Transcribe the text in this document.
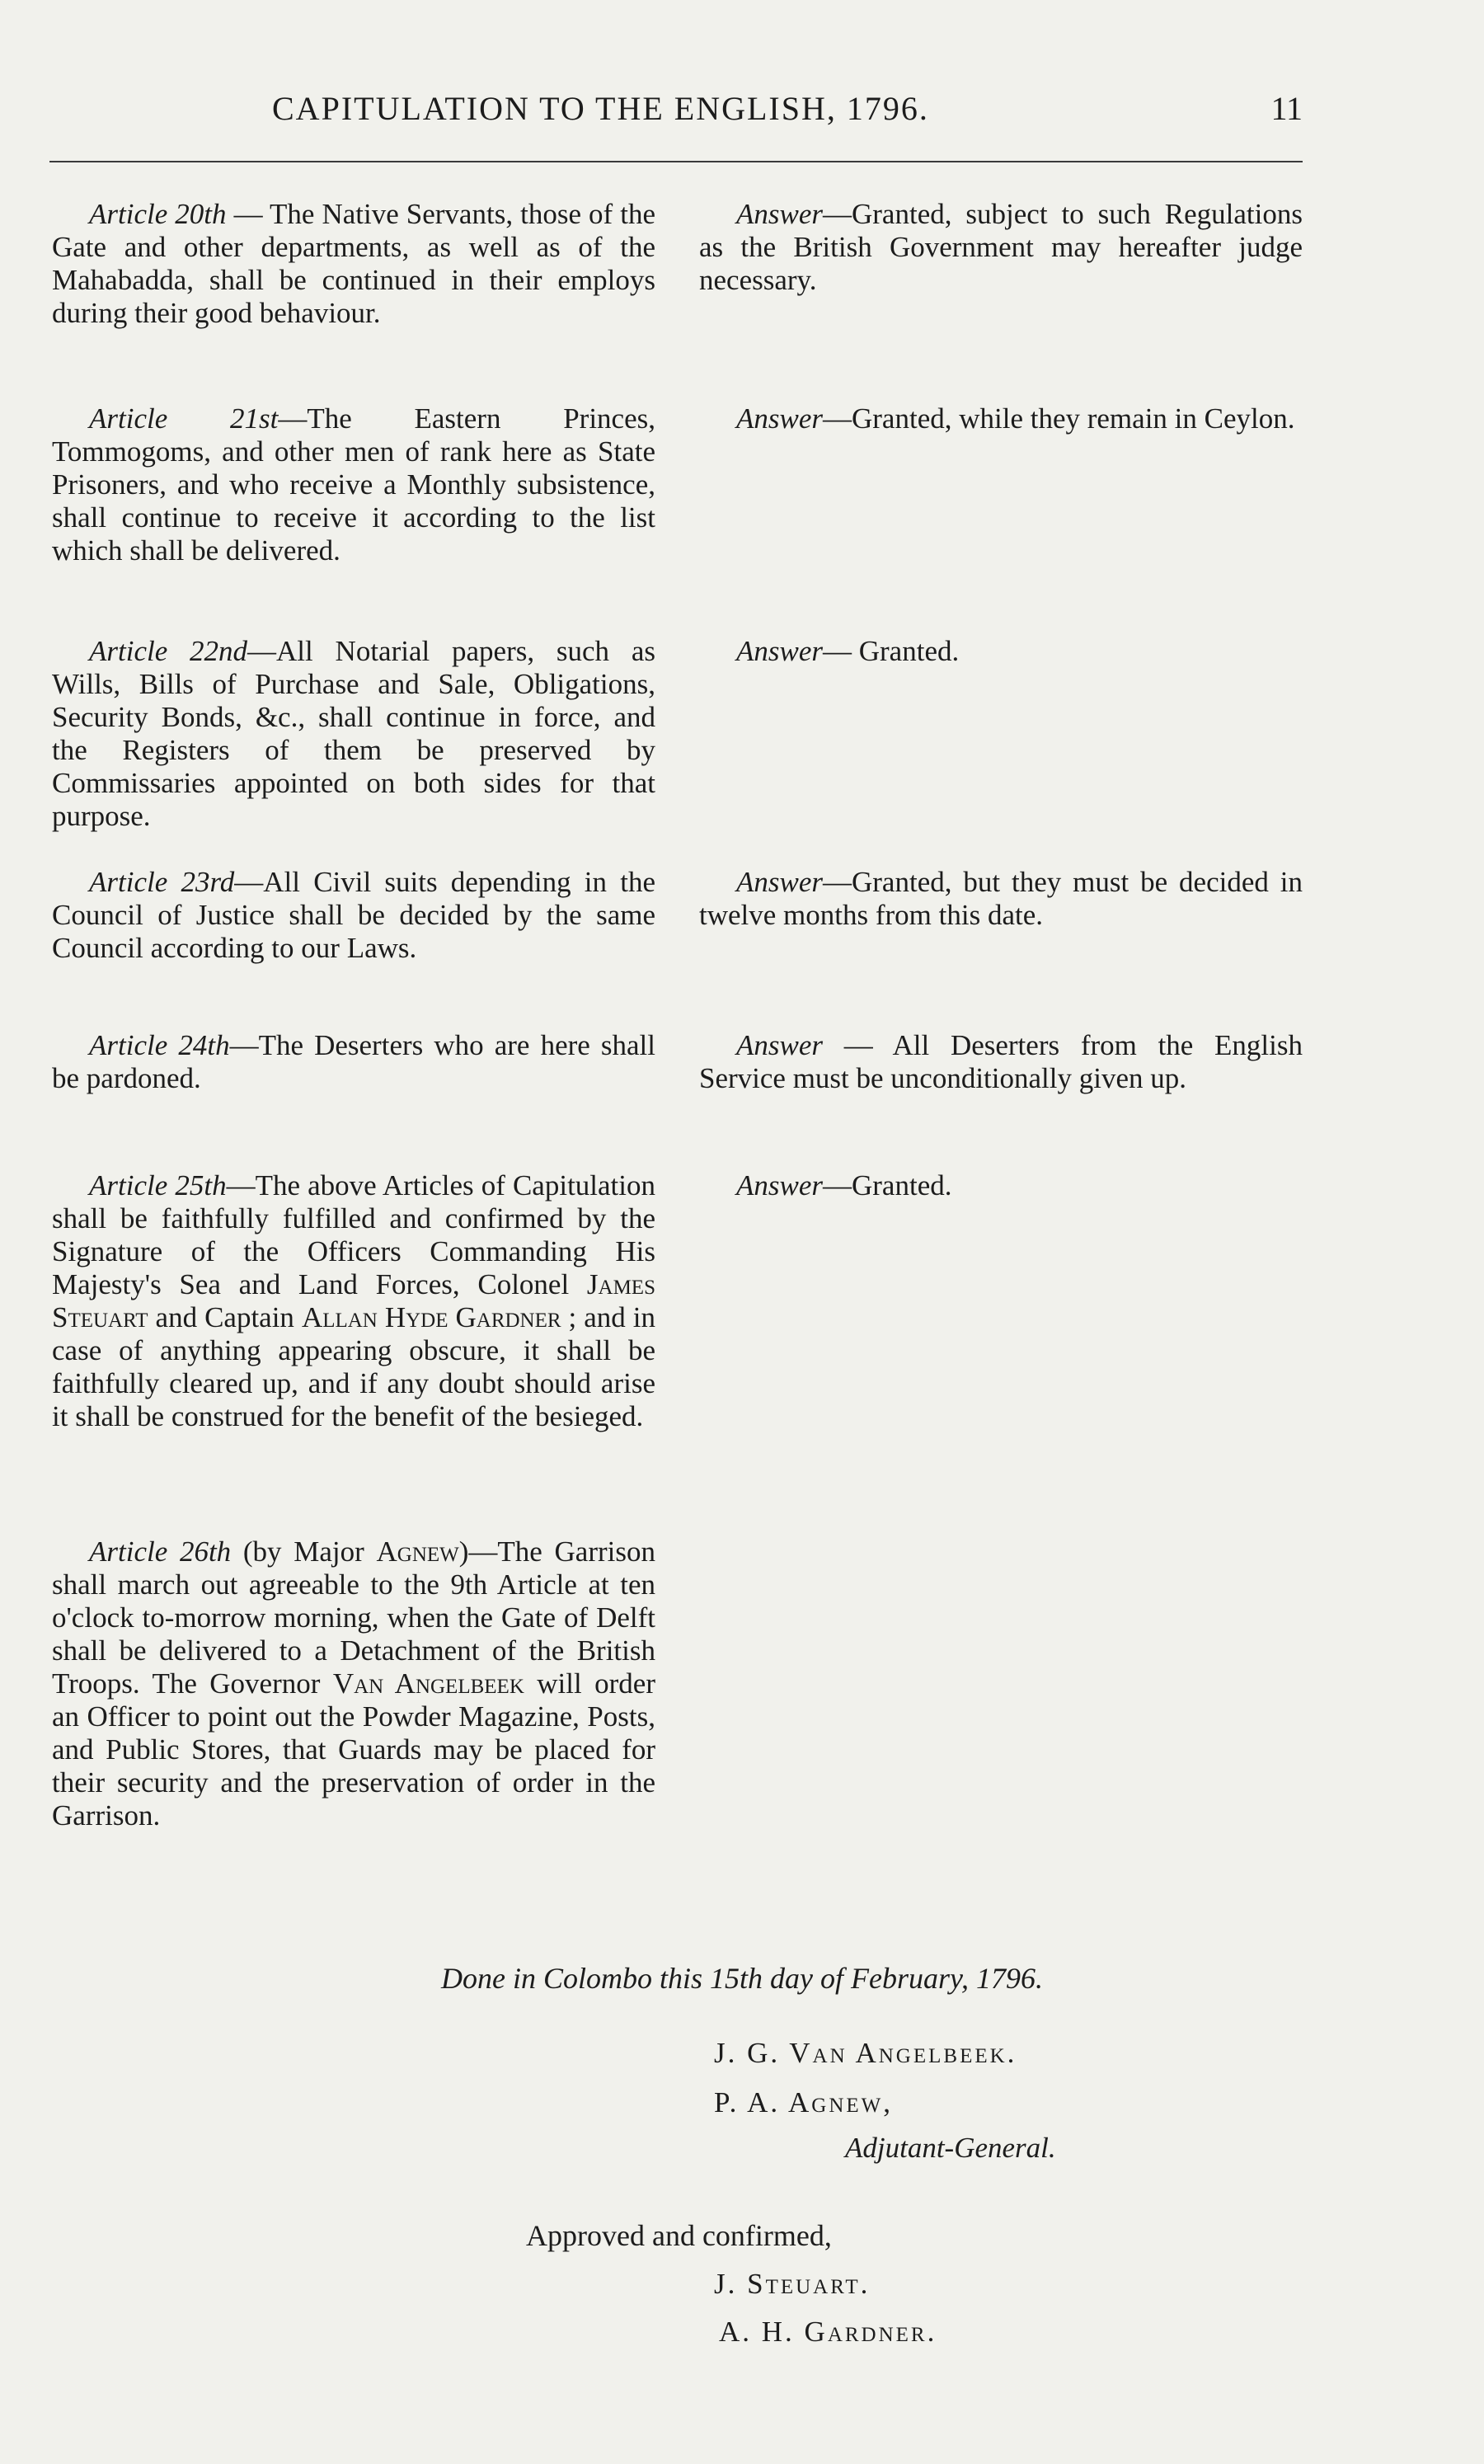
CAPITULATION TO THE ENGLISH, 1796.	11
Article 20th — The Native Servants, those of the Gate and other departments, as well as of the Mahabadda, shall be continued in their employs during their good behaviour.
Answer—Granted, subject to such Regulations as the British Government may hereafter judge necessary.
Article 21st—The Eastern Princes, Tommogoms, and other men of rank here as State Prisoners, and who receive a Monthly subsistence, shall continue to receive it according to the list which shall be delivered.
Answer—Granted, while they remain in Ceylon.
Article 22nd—All Notarial papers, such as Wills, Bills of Purchase and Sale, Obligations, Security Bonds, &c., shall continue in force, and the Registers of them be preserved by Commissaries appointed on both sides for that purpose.
Answer— Granted.
Article 23rd—All Civil suits depending in the Council of Justice shall be decided by the same Council according to our Laws.
Answer—Granted, but they must be decided in twelve months from this date.
Article 24th—The Deserters who are here shall be pardoned.
Answer — All Deserters from the English Service must be unconditionally given up.
Article 25th—The above Articles of Capitulation shall be faithfully fulfilled and confirmed by the Signature of the Officers Commanding His Majesty's Sea and Land Forces, Colonel James Steuart and Captain Allan Hyde Gardner ; and in case of anything appearing obscure, it shall be faithfully cleared up, and if any doubt should arise it shall be construed for the benefit of the besieged.
Answer—Granted.
Article 26th (by Major Agnew)—The Garrison shall march out agreeable to the 9th Article at ten o'clock to-morrow morning, when the Gate of Delft shall be delivered to a Detachment of the British Troops. The Governor Van Angelbeek will order an Officer to point out the Powder Magazine, Posts, and Public Stores, that Guards may be placed for their security and the preservation of order in the Garrison.
Done in Colombo this 15th day of February, 1796.
J. G. Van Angelbeek.
P. A. Agnew,
Adjutant-General.
Approved and confirmed,
J. Steuart.
A. H. Gardner.
